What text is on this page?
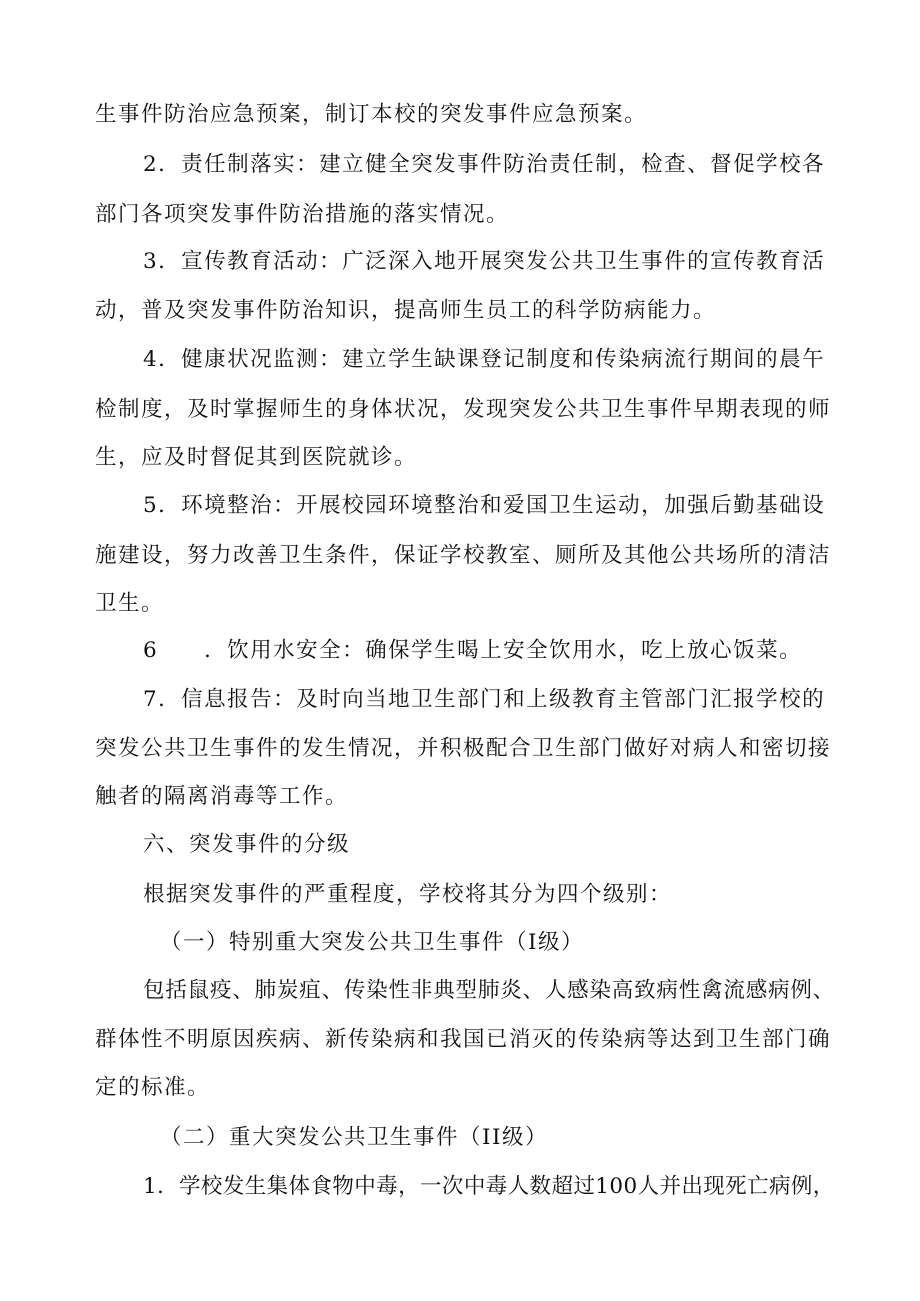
生事件防治应急预案，制订本校的突发事件应急预案。

2．责任制落实：建立健全突发事件防治责任制，检查、督促学校各

部门各项突发事件防治措施的落实情况。

3．宣传教育活动：广泛深入地开展突发公共卫生事件的宣传教育活

动，普及突发事件防治知识，提高师生员工的科学防病能力。

4．健康状况监测：建立学生缺课登记制度和传染病流行期间的晨午

检制度，及时掌握师生的身体状况，发现突发公共卫生事件早期表现的师

生，应及时督促其到医院就诊。

5．环境整治：开展校园环境整治和爱国卫生运动，加强后勤基础设

施建设，努力改善卫生条件，保证学校教室、厕所及其他公共场所的清洁

卫生。

6　　．饮用水安全：确保学生喝上安全饮用水，吃上放心饭菜。

7．信息报告：及时向当地卫生部门和上级教育主管部门汇报学校的

突发公共卫生事件的发生情况，并积极配合卫生部门做好对病人和密切接

触者的隔离消毒等工作。

六、突发事件的分级

根据突发事件的严重程度，学校将其分为四个级别：

（一）特别重大突发公共卫生事件（I级）

包括鼠疫、肺炭疽、传染性非典型肺炎、人感染高致病性禽流感病例、

群体性不明原因疾病、新传染病和我国已消灭的传染病等达到卫生部门确

定的标准。

（二）重大突发公共卫生事件（II级）

1．学校发生集体食物中毒，一次中毒人数超过100人并出现死亡病例，
